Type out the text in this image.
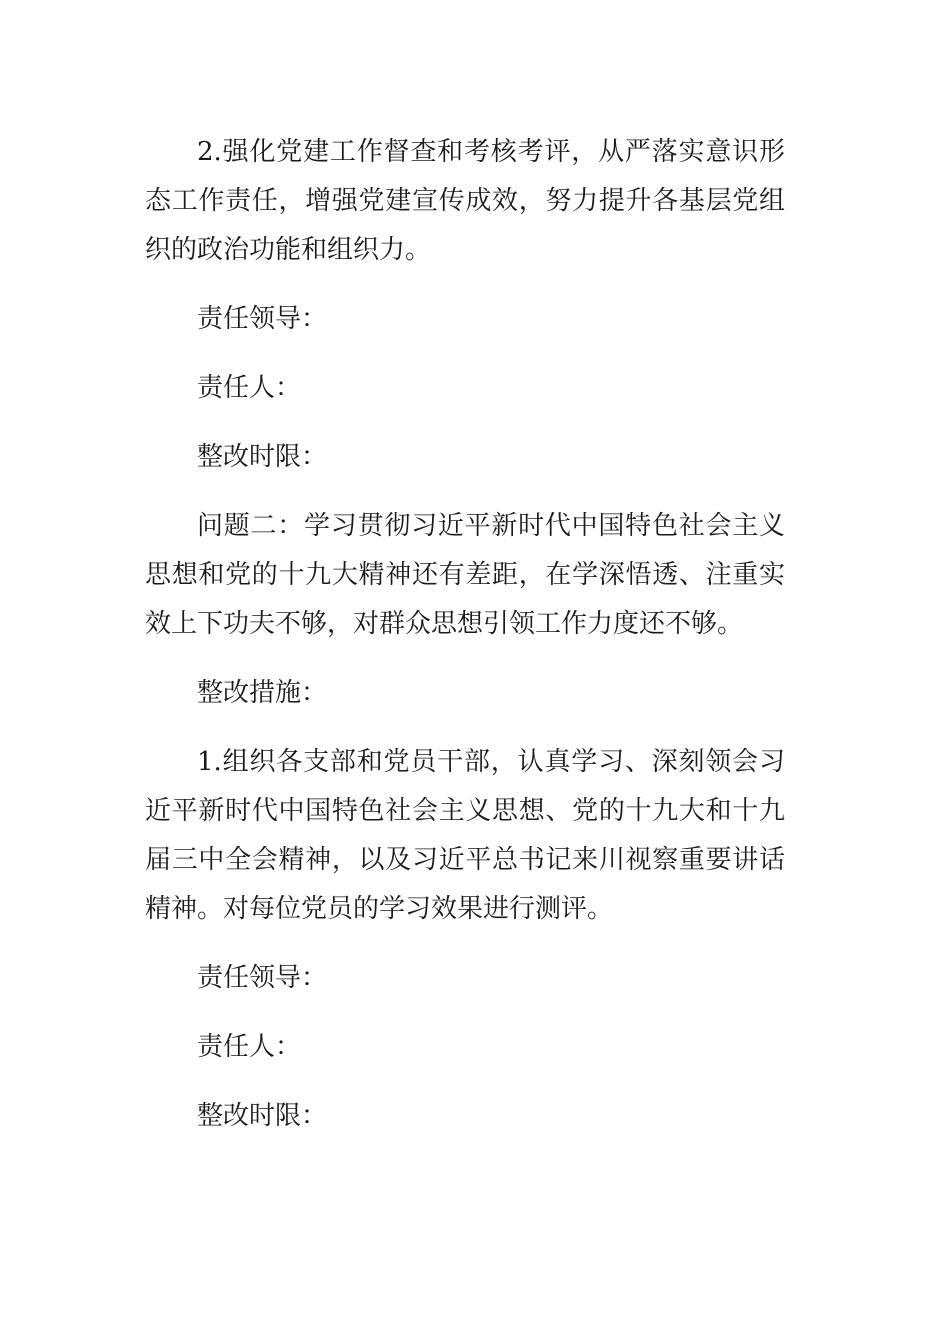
2.强化党建工作督查和考核考评，从严落实意识形态工作责任，增强党建宣传成效，努力提升各基层党组织的政治功能和组织力。

责任领导：

责任人：

整改时限：

问题二：学习贯彻习近平新时代中国特色社会主义思想和党的十九大精神还有差距，在学深悟透、注重实效上下功夫不够，对群众思想引领工作力度还不够。

整改措施：

1.组织各支部和党员干部，认真学习、深刻领会习近平新时代中国特色社会主义思想、党的十九大和十九届三中全会精神，以及习近平总书记来川视察重要讲话精神。对每位党员的学习效果进行测评。

责任领导：

责任人：

整改时限：
